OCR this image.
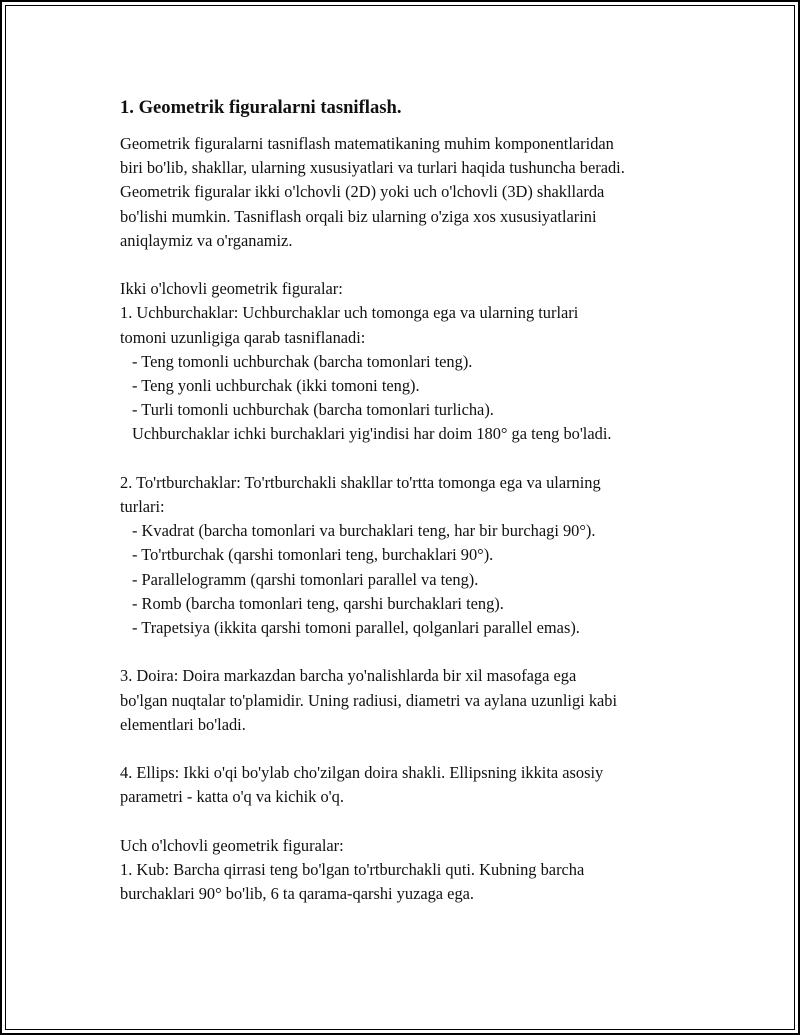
1. Geometrik figuralarni tasniflash.
Geometrik figuralarni tasniflash matematikaning muhim komponentlaridan
biri bo'lib, shakllar, ularning xususiyatlari va turlari haqida tushuncha beradi.
Geometrik figuralar ikki o'lchovli (2D) yoki uch o'lchovli (3D) shakllarda
bo'lishi mumkin. Tasniflash orqali biz ularning o'ziga xos xususiyatlarini
aniqlaymiz va o'rganamiz.
Ikki o'lchovli geometrik figuralar:
1. Uchburchaklar: Uchburchaklar uch tomonga ega va ularning turlari
tomoni uzunligiga qarab tasniflanadi:
- Teng tomonli uchburchak (barcha tomonlari teng).
- Teng yonli uchburchak (ikki tomoni teng).
- Turli tomonli uchburchak (barcha tomonlari turlicha).
Uchburchaklar ichki burchaklari yig'indisi har doim 180° ga teng bo'ladi.
2. To'rtburchaklar: To'rtburchakli shakllar to'rtta tomonga ega va ularning
turlari:
- Kvadrat (barcha tomonlari va burchaklari teng, har bir burchagi 90°).
- To'rtburchak (qarshi tomonlari teng, burchaklari 90°).
- Parallelogramm (qarshi tomonlari parallel va teng).
- Romb (barcha tomonlari teng, qarshi burchaklari teng).
- Trapetsiya (ikkita qarshi tomoni parallel, qolganlari parallel emas).
3. Doira: Doira markazdan barcha yo'nalishlarda bir xil masofaga ega
bo'lgan nuqtalar to'plamidir. Uning radiusi, diametri va aylana uzunligi kabi
elementlari bo'ladi.
4. Ellips: Ikki o'qi bo'ylab cho'zilgan doira shakli. Ellipsning ikkita asosiy
parametri - katta o'q va kichik o'q.
Uch o'lchovli geometrik figuralar:
1. Kub: Barcha qirrasi teng bo'lgan to'rtburchakli quti. Kubning barcha
burchaklari 90° bo'lib, 6 ta qarama-qarshi yuzaga ega.
